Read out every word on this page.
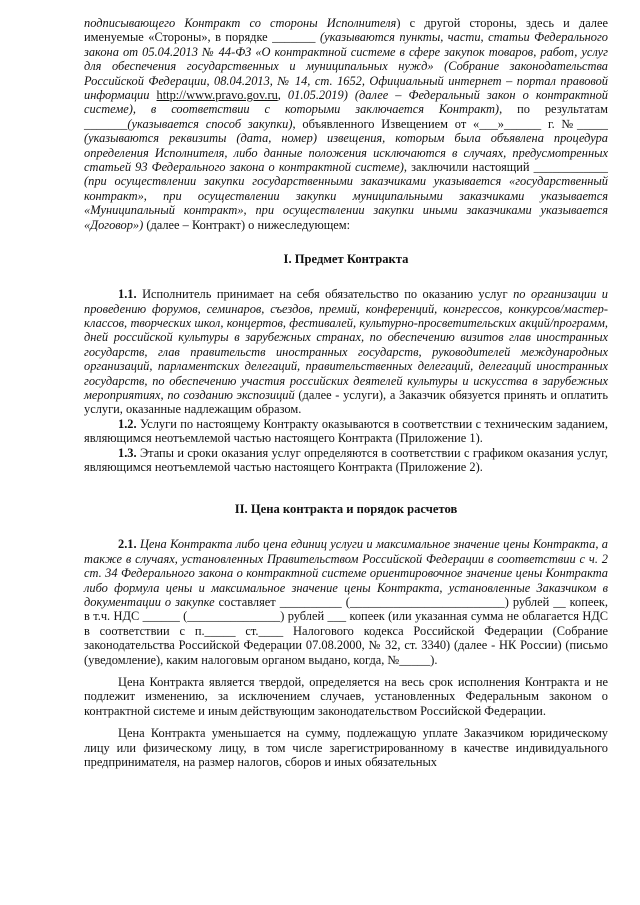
подписывающего Контракт со стороны Исполнителя) с другой стороны, здесь и далее именуемые «Стороны», в порядке _______ (указываются пункты, части, статьи Федерального закона от 05.04.2013 № 44-ФЗ «О контрактной системе в сфере закупок товаров, работ, услуг для обеспечения государственных и муниципальных нужд» (Собрание законодательства Российской Федерации, 08.04.2013, № 14, ст. 1652, Официальный интернет – портал правовой информации http://www.pravo.gov.ru, 01.05.2019) (далее – Федеральный закон о контрактной системе), в соответствии с которыми заключается Контракт), по результатам _______(указывается способ закупки), объявленного Извещением от «___»______ г. №_____ (указываются реквизиты (дата, номер) извещения, которым была объявлена процедура определения Исполнителя, либо данные положения исключаются в случаях, предусмотренных статьей 93 Федерального закона о контрактной системе), заключили настоящий ____________ (при осуществлении закупки государственными заказчиками указывается «государственный контракт», при осуществлении закупки муниципальными заказчиками указывается «Муниципальный контракт», при осуществлении закупки иными заказчиками указывается «Договор») (далее – Контракт) о нижеследующем:

I. Предмет Контракта

1.1. Исполнитель принимает на себя обязательство по оказанию услуг по организации и проведению форумов, семинаров, съездов, премий, конференций, конгрессов, конкурсов/мастер-классов, творческих школ, концертов, фестивалей, культурно-просветительских акций/программ, дней российской культуры в зарубежных странах, по обеспечению визитов глав иностранных государств, глав правительств иностранных государств, руководителей международных организаций, парламентских делегаций, правительственных делегаций, делегаций иностранных государств, по обеспечению участия российских деятелей культуры и искусства в зарубежных мероприятиях, по созданию экспозиций (далее - услуги), а Заказчик обязуется принять и оплатить услуги, оказанные надлежащим образом.

1.2. Услуги по настоящему Контракту оказываются в соответствии с техническим заданием, являющимся неотъемлемой частью настоящего Контракта (Приложение 1).

1.3. Этапы и сроки оказания услуг определяются в соответствии с графиком оказания услуг, являющимся неотъемлемой частью настоящего Контракта (Приложение 2).

II. Цена контракта и порядок расчетов

2.1. Цена Контракта либо цена единиц услуги и максимальное значение цены Контракта, а также в случаях, установленных Правительством Российской Федерации в соответствии с ч. 2 ст. 34 Федерального закона о контрактной системе ориентировочное значение цены Контракта либо формула цены и максимальное значение цены Контракта, установленные Заказчиком в документации о закупке составляет __________ (_________________________) рублей __ копеек, в т.ч. НДС ______ (_______________) рублей ___ копеек (или указанная сумма не облагается НДС в соответствии с п._____ ст.____ Налогового кодекса Российской Федерации (Собрание законодательства Российской Федерации 07.08.2000, № 32, ст. 3340) (далее - НК России) (письмо (уведомление), каким налоговым органом выдано, когда, №_____).

Цена Контракта является твердой, определяется на весь срок исполнения Контракта и не подлежит изменению, за исключением случаев, установленных Федеральным законом о контрактной системе и иным действующим законодательством Российской Федерации.

Цена Контракта уменьшается на сумму, подлежащую уплате Заказчиком юридическому лицу или физическому лицу, в том числе зарегистрированному в качестве индивидуального предпринимателя, на размер налогов, сборов и иных обязательных
